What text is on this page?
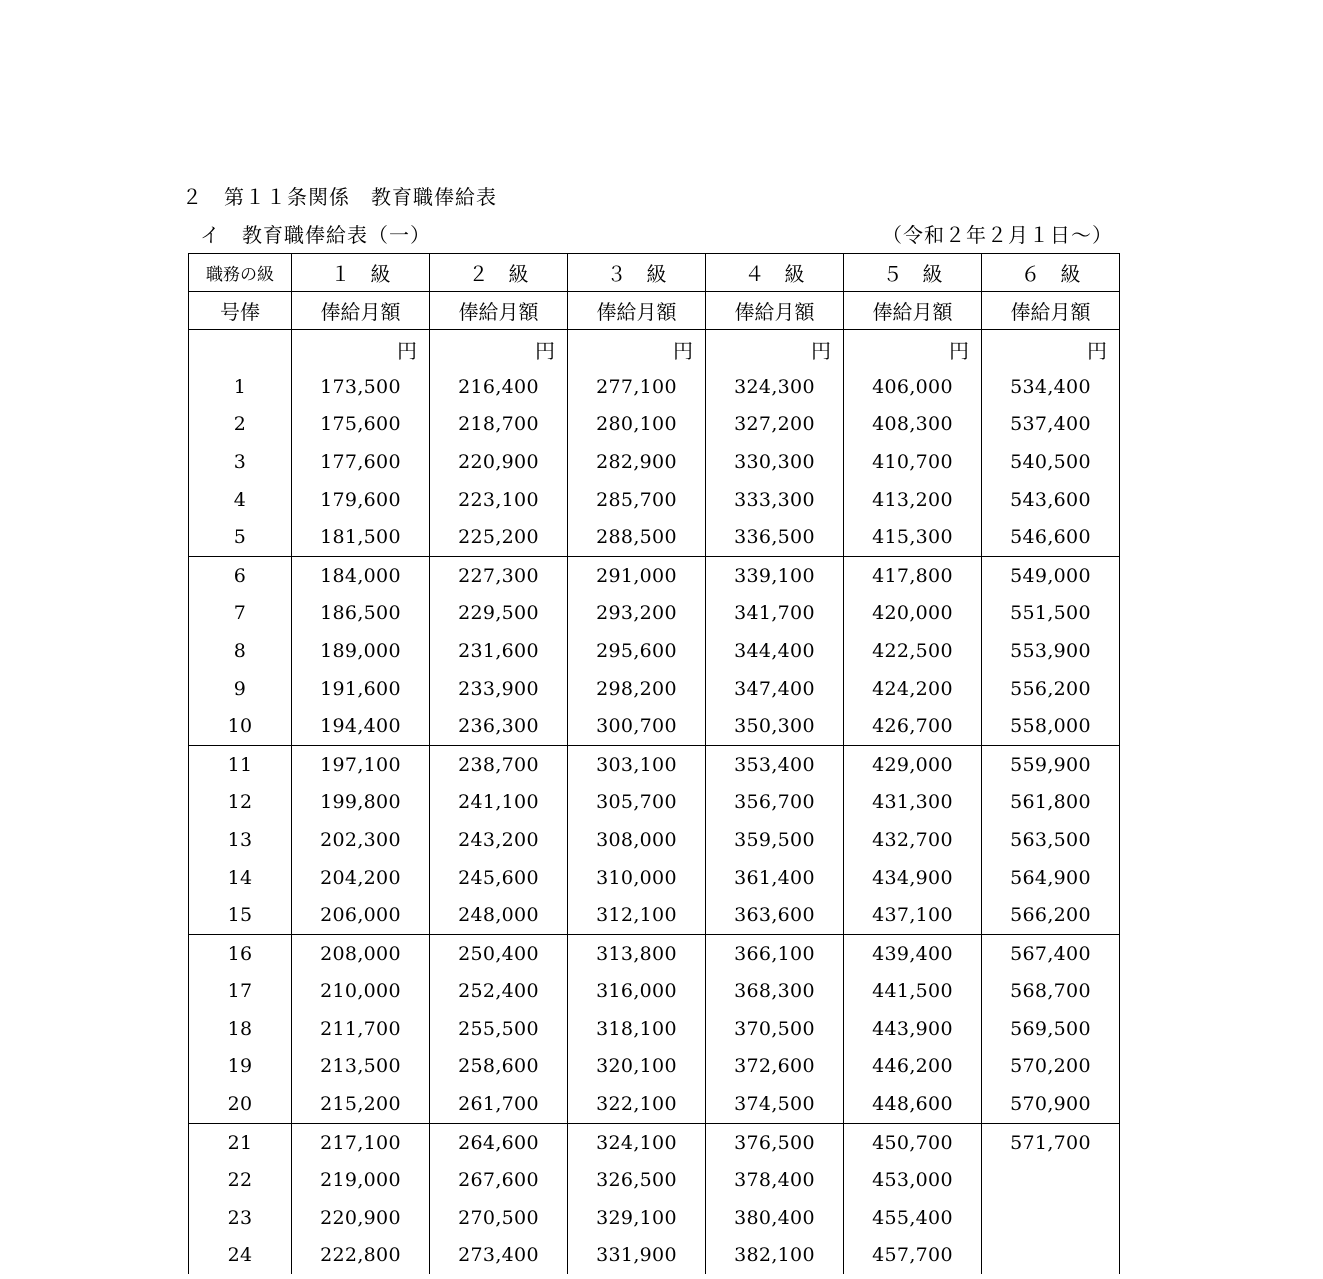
２　第１１条関係　教育職俸給表
イ　教育職俸給表（一）	（令和２年２月１日～）
職務の級	１　級	２　級	３　級	４　級	５　級	６　級
号俸	俸給月額	俸給月額	俸給月額	俸給月額	俸給月額	俸給月額
	円	円	円	円	円	円
1	173,500	216,400	277,100	324,300	406,000	534,400
2	175,600	218,700	280,100	327,200	408,300	537,400
3	177,600	220,900	282,900	330,300	410,700	540,500
4	179,600	223,100	285,700	333,300	413,200	543,600
5	181,500	225,200	288,500	336,500	415,300	546,600
6	184,000	227,300	291,000	339,100	417,800	549,000
7	186,500	229,500	293,200	341,700	420,000	551,500
8	189,000	231,600	295,600	344,400	422,500	553,900
9	191,600	233,900	298,200	347,400	424,200	556,200
10	194,400	236,300	300,700	350,300	426,700	558,000
11	197,100	238,700	303,100	353,400	429,000	559,900
12	199,800	241,100	305,700	356,700	431,300	561,800
13	202,300	243,200	308,000	359,500	432,700	563,500
14	204,200	245,600	310,000	361,400	434,900	564,900
15	206,000	248,000	312,100	363,600	437,100	566,200
16	208,000	250,400	313,800	366,100	439,400	567,400
17	210,000	252,400	316,000	368,300	441,500	568,700
18	211,700	255,500	318,100	370,500	443,900	569,500
19	213,500	258,600	320,100	372,600	446,200	570,200
20	215,200	261,700	322,100	374,500	448,600	570,900
21	217,100	264,600	324,100	376,500	450,700	571,700
22	219,000	267,600	326,500	378,400	453,000	
23	220,900	270,500	329,100	380,400	455,400	
24	222,800	273,400	331,900	382,100	457,700	
